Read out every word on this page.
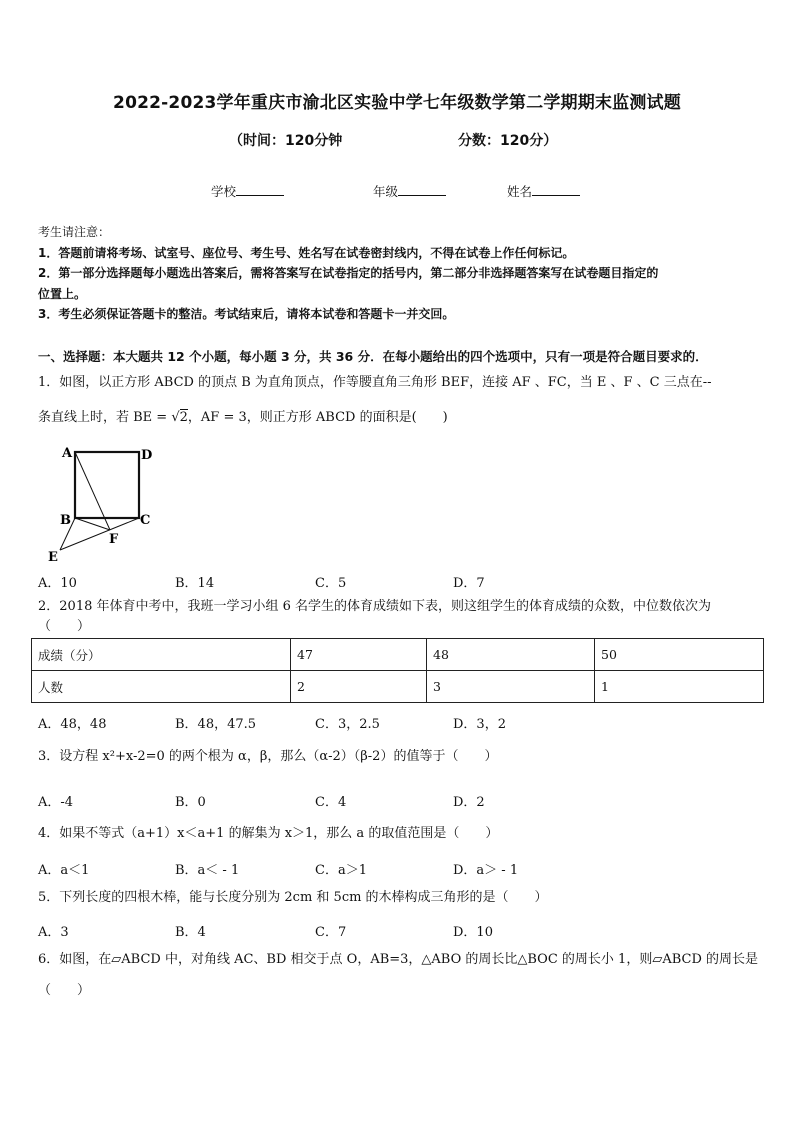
2022-2023学年重庆市渝北区实验中学七年级数学第二学期期末监测试题
（时间：120分钟	分数：120分）
学校	年级	姓名
考生请注意：
1．答题前请将考场、试室号、座位号、考生号、姓名写在试卷密封线内，不得在试卷上作任何标记。
2．第一部分选择题每小题选出答案后，需将答案写在试卷指定的括号内，第二部分非选择题答案写在试卷题目指定的
位置上。
3．考生必须保证答题卡的整洁。考试结束后，请将本试卷和答题卡一并交回。
一、选择题：本大题共 12 个小题，每小题 3 分，共 36 分．在每小题给出的四个选项中，只有一项是符合题目要求的．
1．如图，以正方形 ABCD 的顶点 B 为直角顶点，作等腰直角三角形 BEF，连接 AF 、FC，当 E 、F 、C 三点在--
条直线上时，若 BE = √2，AF = 3，则正方形 ABCD 的面积是(　　)
A	D
B	C
F
E
A．10	B．14	C．5	D．7
2．2018 年体育中考中，我班一学习小组 6 名学生的体育成绩如下表，则这组学生的体育成绩的众数，中位数依次为
（　　）
成绩（分）	47	48	50
人数	2	3	1
A．48，48	B．48，47.5	C．3，2.5	D．3，2
3．设方程 x²+x-2=0 的两个根为 α，β，那么（α-2）（β-2）的值等于（　　）
A．-4	B．0	C．4	D．2
4．如果不等式（a+1）x＜a+1 的解集为 x＞1，那么 a 的取值范围是（　　）
A．a＜1	B．a＜ - 1	C．a＞1	D．a＞ - 1
5．下列长度的四根木棒，能与长度分别为 2cm 和 5cm 的木棒构成三角形的是（　　）
A．3	B．4	C．7	D．10
6．如图，在▱ABCD 中，对角线 AC、BD 相交于点 O，AB=3，△ABO 的周长比△BOC 的周长小 1，则▱ABCD 的周长是
（　　）
